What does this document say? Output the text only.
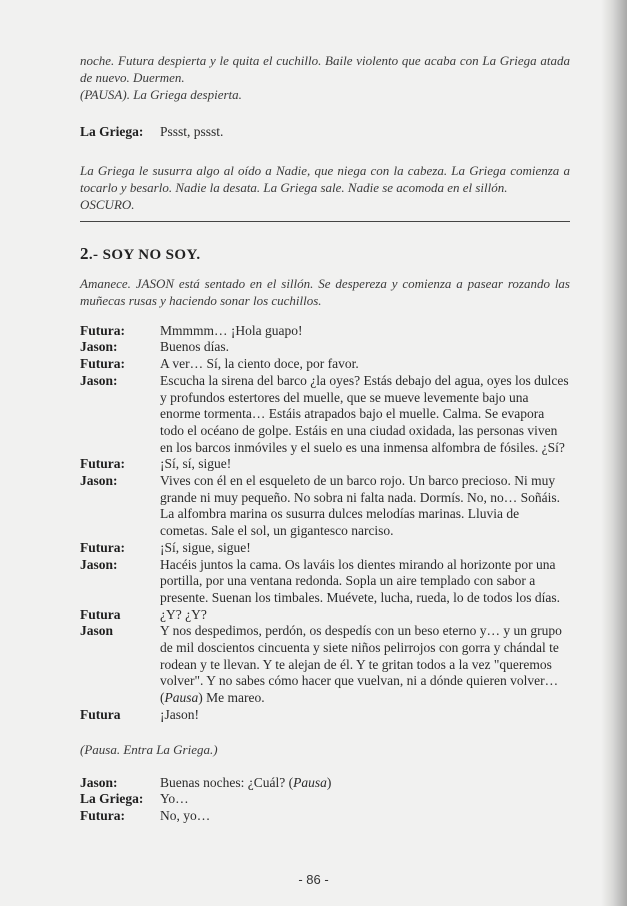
noche. Futura despierta y le quita el cuchillo. Baile violento que acaba con La Griega atada de nuevo. Duermen.

(PAUSA). La Griega despierta.

La Griega:	Pssst, pssst.

La Griega le susurra algo al oído a Nadie, que niega con la cabeza. La Griega comienza a tocarlo y besarlo. Nadie la desata. La Griega sale. Nadie se acomoda en el sillón.

OSCURO.

2.- SOY NO SOY.

Amanece. JASON está sentado en el sillón. Se despereza y comienza a pasear rozando las muñecas rusas y haciendo sonar los cuchillos.

Futura:	Mmmmm… ¡Hola guapo!
Jason:	Buenos días.
Futura:	A ver… Sí, la ciento doce, por favor.
Jason:	Escucha la sirena del barco ¿la oyes? Estás debajo del agua, oyes los dulces y profundos estertores del muelle, que se mueve levemente bajo una enorme tormenta… Estáis atrapados bajo el muelle. Calma. Se evapora todo el océano de golpe. Estáis en una ciudad oxidada, las personas viven en los barcos inmóviles y el suelo es una inmensa alfombra de fósiles. ¿Sí?
Futura:	¡Sí, sí, sigue!
Jason:	Vives con él en el esqueleto de un barco rojo. Un barco precioso. Ni muy grande ni muy pequeño. No sobra ni falta nada. Dormís. No, no… Soñáis. La alfombra marina os susurra dulces melodías marinas. Lluvia de cometas. Sale el sol, un gigantesco narciso.
Futura:	¡Sí, sigue, sigue!
Jason:	Hacéis juntos la cama. Os laváis los dientes mirando al horizonte por una portilla, por una ventana redonda. Sopla un aire templado con sabor a presente. Suenan los timbales. Muévete, lucha, rueda, lo de todos los días.
Futura	¿Y? ¿Y?
Jason	Y nos despedimos, perdón, os despedís con un beso eterno y… y un grupo de mil doscientos cincuenta y siete niños pelirrojos con gorra y chándal te rodean y te llevan. Y te alejan de él. Y te gritan todos a la vez "queremos volver". Y no sabes cómo hacer que vuelvan, ni a dónde quieren volver… (Pausa) Me mareo.
Futura	¡Jason!

(Pausa. Entra La Griega.)

Jason:	Buenas noches: ¿Cuál? (Pausa)
La Griega:	Yo…
Futura:	No, yo…
- 86 -
